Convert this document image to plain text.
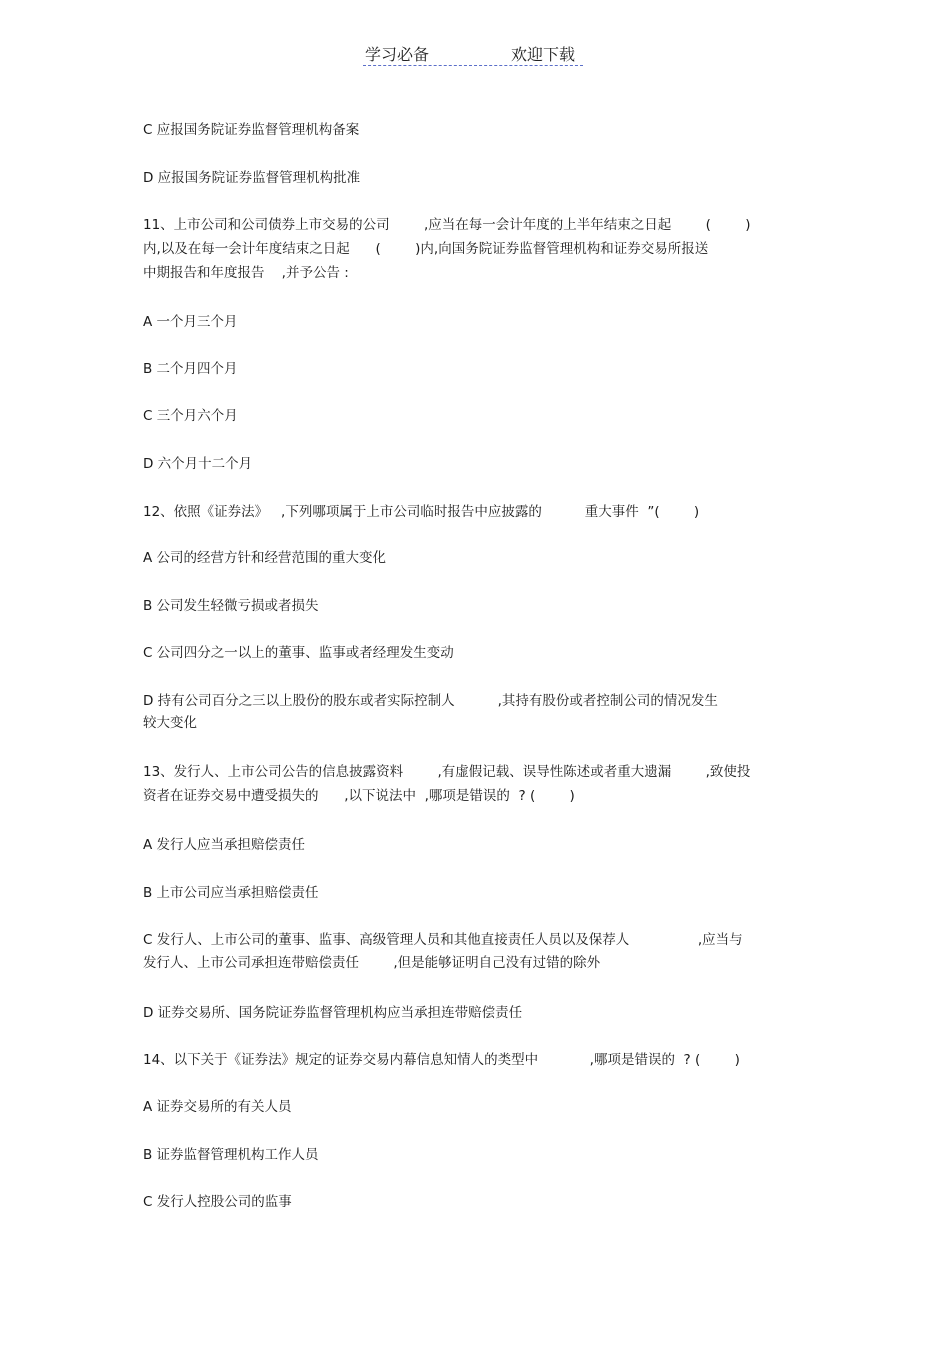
学习必备	欢迎下载
C 应报国务院证券监督管理机构备案
D 应报国务院证券监督管理机构批准
11、上市公司和公司债券上市交易的公司        ,应当在每一会计年度的上半年结束之日起        (        )
内,以及在每一会计年度结束之日起      (        )内,向国务院证券监督管理机构和证券交易所报送
中期报告和年度报告    ,并予公告 :
A 一个月三个月
B 二个月四个月
C 三个月六个月
D 六个月十二个月
12、依照《证券法》   ,下列哪项属于上市公司临时报告中应披露的          重大事件  ”(        )
A 公司的经营方针和经营范围的重大变化
B 公司发生轻微亏损或者损失
C 公司四分之一以上的董事、监事或者经理发生变动
D 持有公司百分之三以上股份的股东或者实际控制人          ,其持有股份或者控制公司的情况发生
较大变化
13、发行人、上市公司公告的信息披露资料        ,有虚假记载、误导性陈述或者重大遗漏        ,致使投
资者在证券交易中遭受损失的      ,以下说法中  ,哪项是错误的  ? (        )
A 发行人应当承担赔偿责任
B 上市公司应当承担赔偿责任
C 发行人、上市公司的董事、监事、高级管理人员和其他直接责任人员以及保荐人                ,应当与
发行人、上市公司承担连带赔偿责任        ,但是能够证明自己没有过错的除外
D 证券交易所、国务院证券监督管理机构应当承担连带赔偿责任
14、以下关于《证券法》规定的证券交易内幕信息知情人的类型中            ,哪项是错误的  ? (        )
A 证券交易所的有关人员
B 证券监督管理机构工作人员
C 发行人控股公司的监事
